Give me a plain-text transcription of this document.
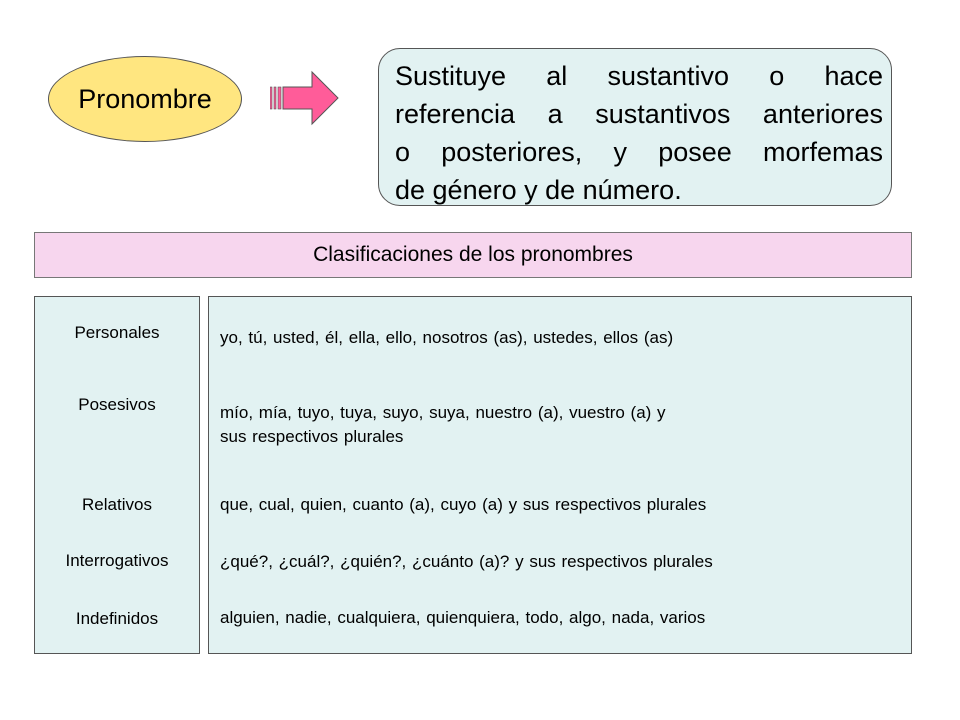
Pronombre
Sustituye al sustantivo o hace
referencia a sustantivos anteriores
o posteriores, y posee morfemas
de género y de número.
Clasificaciones de los pronombres
Personales
Posesivos
Relativos
Interrogativos
Indefinidos
yo, tú, usted, él, ella, ello, nosotros (as), ustedes, ellos (as)
mío, mía, tuyo, tuya, suyo, suya, nuestro (a), vuestro (a) y
sus respectivos plurales
que, cual, quien, cuanto (a), cuyo (a) y sus respectivos plurales
¿qué?, ¿cuál?, ¿quién?, ¿cuánto (a)? y sus respectivos plurales
alguien, nadie, cualquiera, quienquiera, todo, algo, nada, varios
